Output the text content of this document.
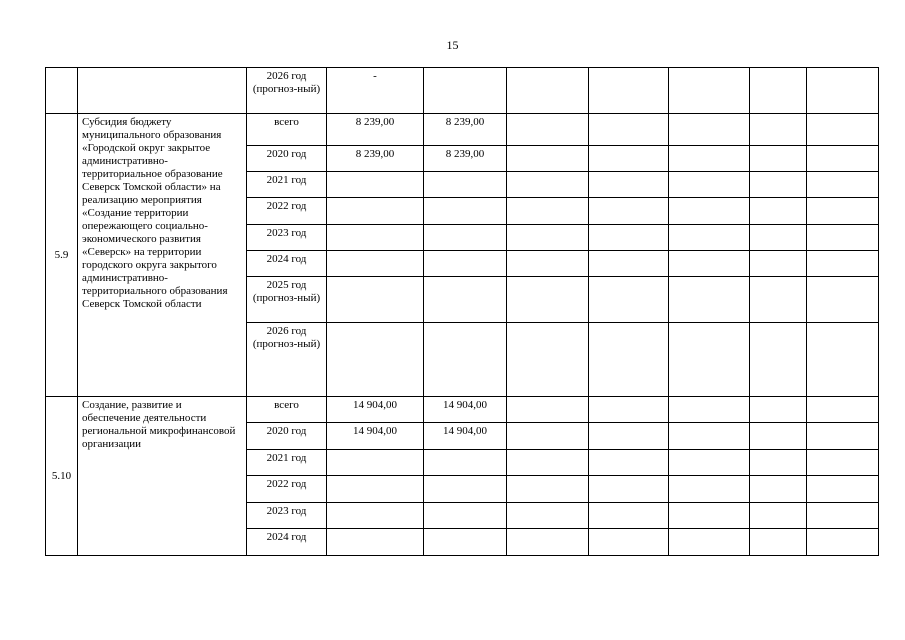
15
		2026 год (прогноз-ный)	-						
5.9	Субсидия бюджету муниципального образования «Городской округ закрытое административно-территориальное образование Северск Томской области» на реализацию мероприятия «Создание территории опережающего социально-экономического развития «Северск» на территории городского округа закрытого административно-территориального образования Северск Томской области	всего	8 239,00	8 239,00					
		2020 год	8 239,00	8 239,00					
		2021 год							
		2022 год							
		2023 год							
		2024 год							
		2025 год (прогноз-ный)							
		2026 год (прогноз-ный)							
5.10	Создание, развитие и обеспечение деятельности региональной микрофинансовой организации	всего	14 904,00	14 904,00					
		2020 год	14 904,00	14 904,00					
		2021 год							
		2022 год							
		2023 год							
		2024 год							
